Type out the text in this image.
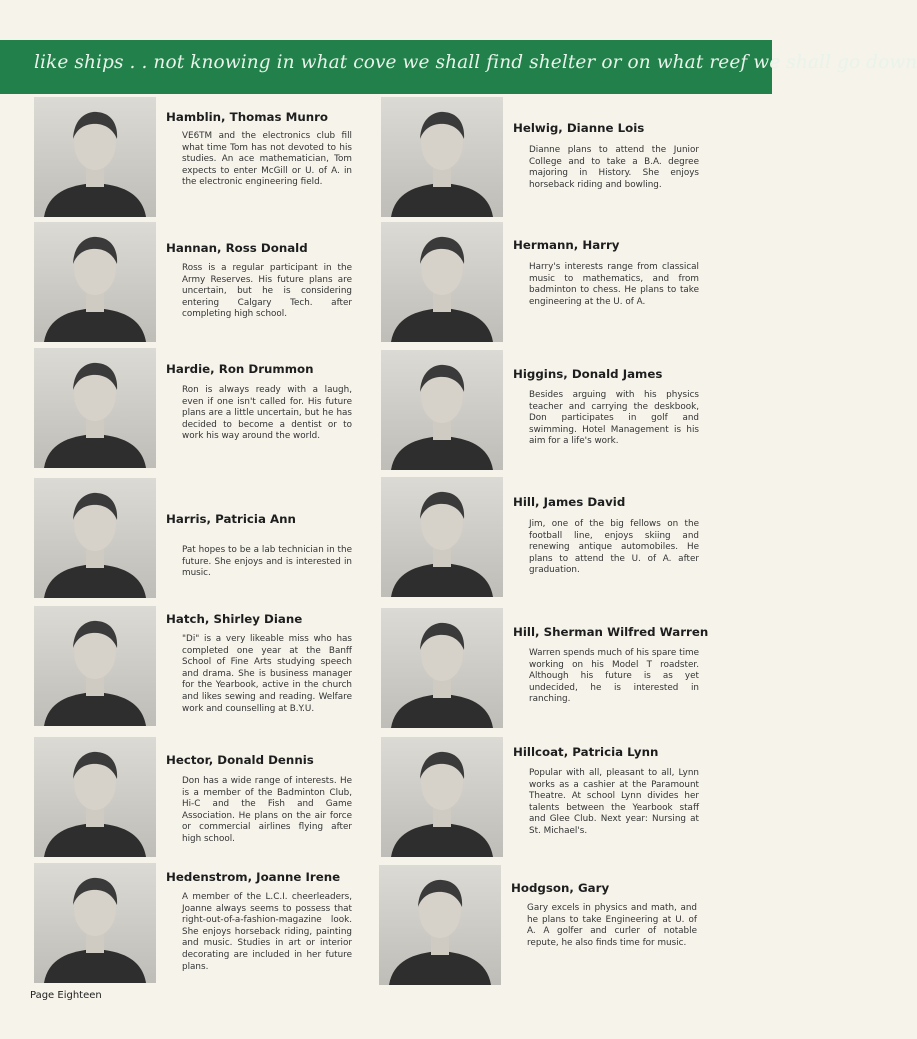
like ships . . not knowing in what cove we shall find shelter or on what reef we shall go down
Hamblin, Thomas Munro
VE6TM and the electronics club fill what time Tom has not devoted to his studies. An ace mathematician, Tom expects to enter McGill or U. of A. in the electronic engineering field.
Hannan, Ross Donald
Ross is a regular participant in the Army Reserves. His future plans are uncertain, but he is considering entering Calgary Tech. after completing high school.
Hardie, Ron Drummon
Ron is always ready with a laugh, even if one isn't called for. His future plans are a little uncertain, but he has decided to become a dentist or to work his way around the world.
Harris, Patricia Ann
Pat hopes to be a lab technician in the future. She enjoys and is interested in music.
Hatch, Shirley Diane
"Di" is a very likeable miss who has completed one year at the Banff School of Fine Arts studying speech and drama. She is business manager for the Yearbook, active in the church and likes sewing and reading. Welfare work and counselling at B.Y.U.
Hector, Donald Dennis
Don has a wide range of interests. He is a member of the Badminton Club, Hi-C and the Fish and Game Association. He plans on the air force or commercial airlines flying after high school.
Hedenstrom, Joanne Irene
A member of the L.C.I. cheerleaders, Joanne always seems to possess that right-out-of-a-fashion-magazine look. She enjoys horseback riding, painting and music. Studies in art or interior decorating are included in her future plans.
Helwig, Dianne Lois
Dianne plans to attend the Junior College and to take a B.A. degree majoring in History. She enjoys horseback riding and bowling.
Hermann, Harry
Harry's interests range from classical music to mathematics, and from badminton to chess. He plans to take engineering at the U. of A.
Higgins, Donald James
Besides arguing with his physics teacher and carrying the deskbook, Don participates in golf and swimming. Hotel Management is his aim for a life's work.
Hill, James David
Jim, one of the big fellows on the football line, enjoys skiing and renewing antique automobiles. He plans to attend the U. of A. after graduation.
Hill, Sherman Wilfred Warren
Warren spends much of his spare time working on his Model T roadster. Although his future is as yet undecided, he is interested in ranching.
Hillcoat, Patricia Lynn
Popular with all, pleasant to all, Lynn works as a cashier at the Paramount Theatre. At school Lynn divides her talents between the Yearbook staff and Glee Club. Next year: Nursing at St. Michael's.
Hodgson, Gary
Gary excels in physics and math, and he plans to take Engineering at U. of A. A golfer and curler of notable repute, he also finds time for music.
Page Eighteen
